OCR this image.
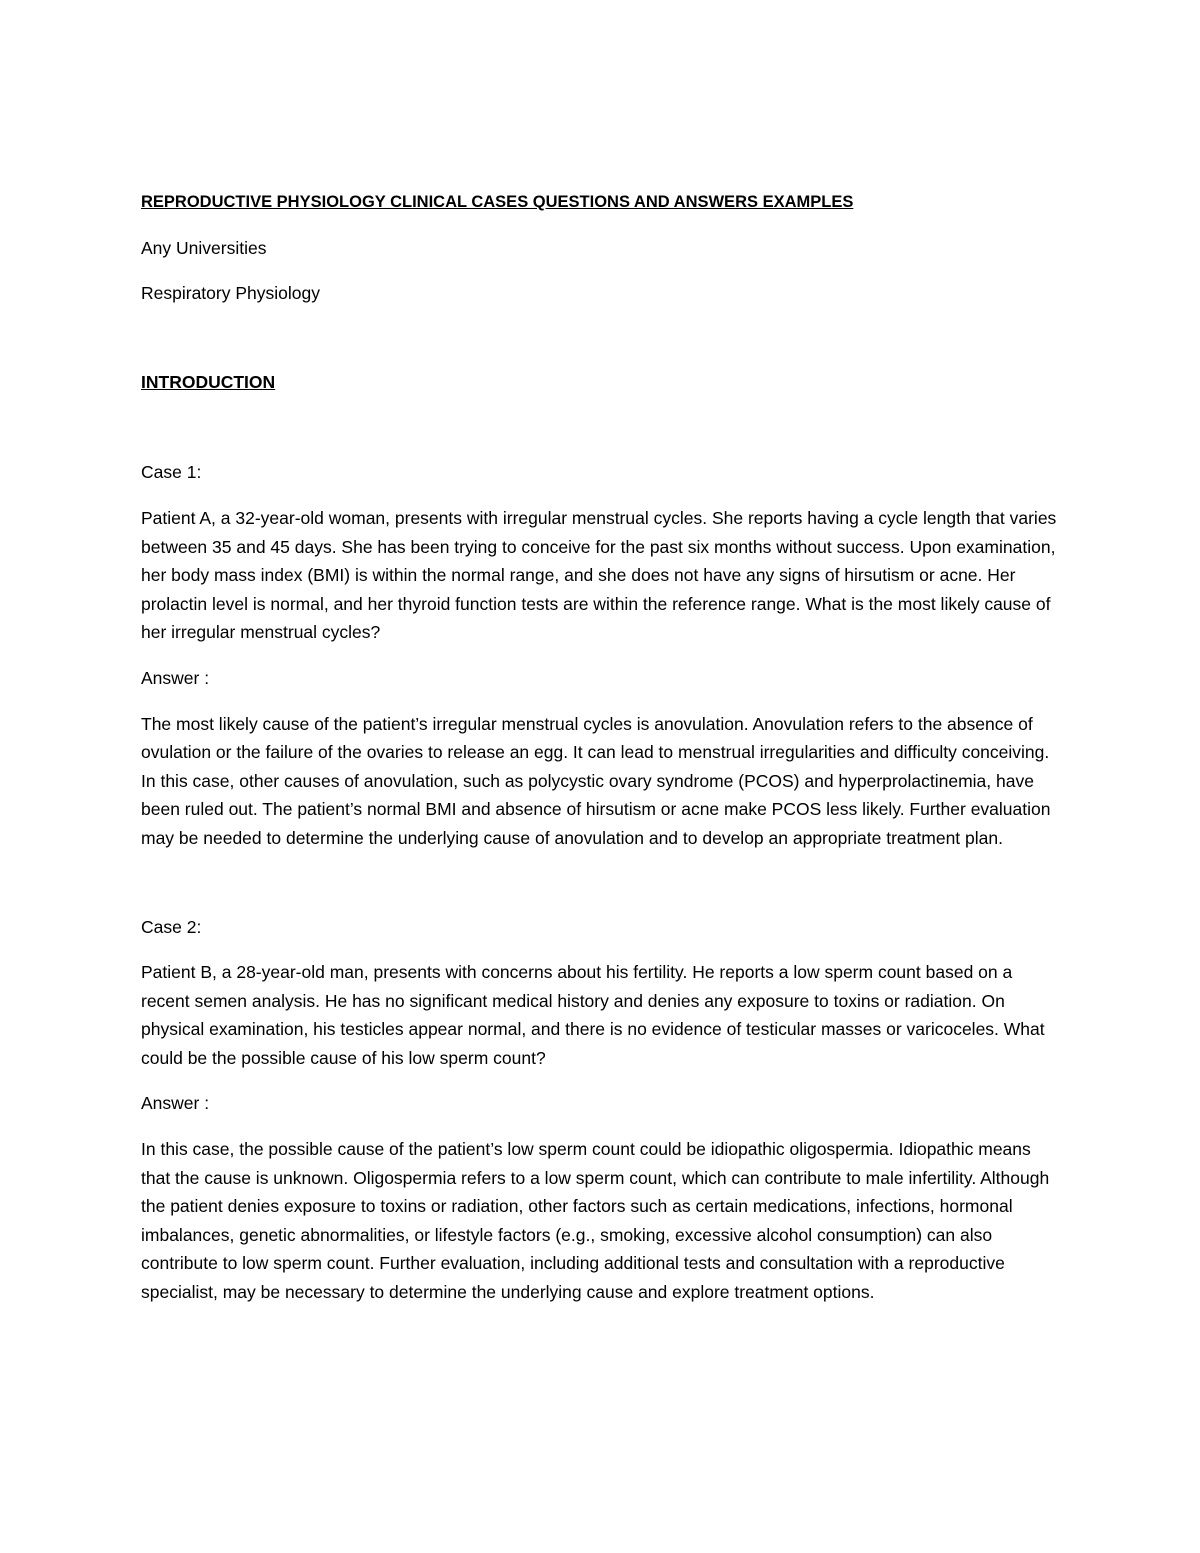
REPRODUCTIVE PHYSIOLOGY CLINICAL CASES QUESTIONS AND ANSWERS EXAMPLES
Any Universities
Respiratory Physiology
INTRODUCTION
Case 1:
Patient A, a 32-year-old woman, presents with irregular menstrual cycles. She reports having a cycle length that varies between 35 and 45 days. She has been trying to conceive for the past six months without success. Upon examination, her body mass index (BMI) is within the normal range, and she does not have any signs of hirsutism or acne. Her prolactin level is normal, and her thyroid function tests are within the reference range. What is the most likely cause of her irregular menstrual cycles?
Answer :
The most likely cause of the patient’s irregular menstrual cycles is anovulation. Anovulation refers to the absence of ovulation or the failure of the ovaries to release an egg. It can lead to menstrual irregularities and difficulty conceiving. In this case, other causes of anovulation, such as polycystic ovary syndrome (PCOS) and hyperprolactinemia, have been ruled out. The patient’s normal BMI and absence of hirsutism or acne make PCOS less likely. Further evaluation may be needed to determine the underlying cause of anovulation and to develop an appropriate treatment plan.
Case 2:
Patient B, a 28-year-old man, presents with concerns about his fertility. He reports a low sperm count based on a recent semen analysis. He has no significant medical history and denies any exposure to toxins or radiation. On physical examination, his testicles appear normal, and there is no evidence of testicular masses or varicoceles. What could be the possible cause of his low sperm count?
Answer :
In this case, the possible cause of the patient’s low sperm count could be idiopathic oligospermia. Idiopathic means that the cause is unknown. Oligospermia refers to a low sperm count, which can contribute to male infertility. Although the patient denies exposure to toxins or radiation, other factors such as certain medications, infections, hormonal imbalances, genetic abnormalities, or lifestyle factors (e.g., smoking, excessive alcohol consumption) can also contribute to low sperm count. Further evaluation, including additional tests and consultation with a reproductive specialist, may be necessary to determine the underlying cause and explore treatment options.
